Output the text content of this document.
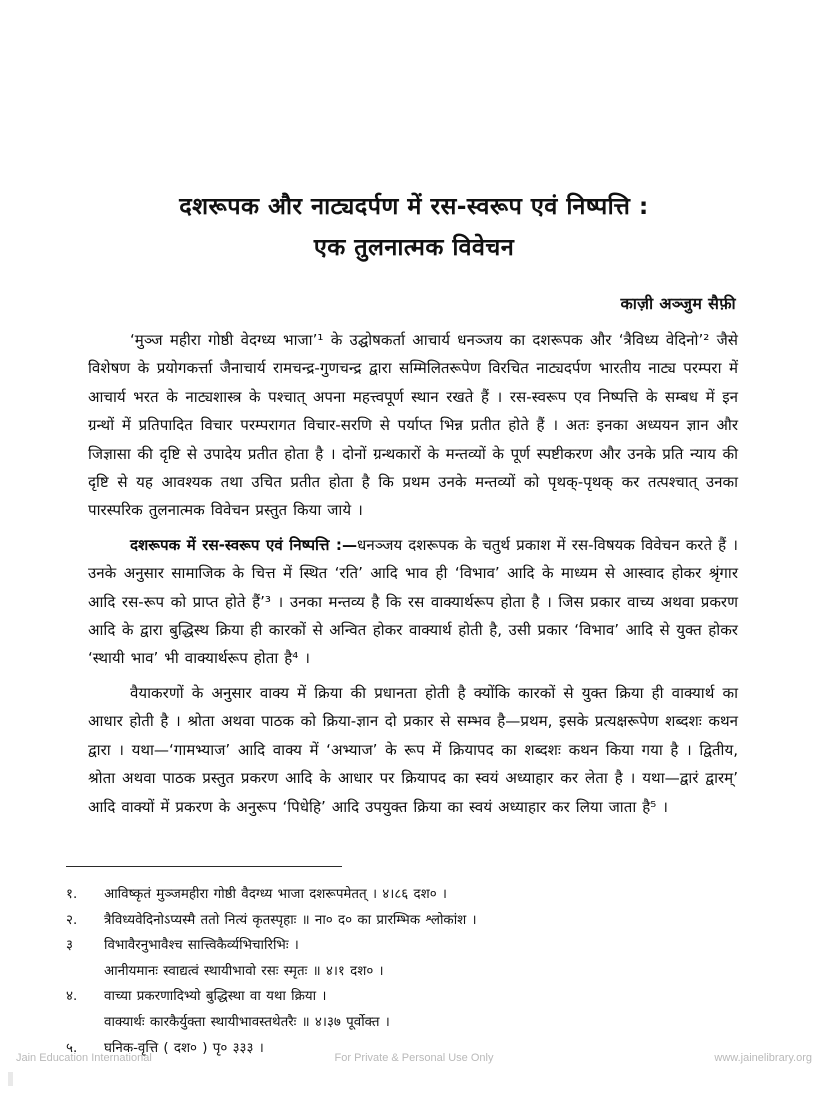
दशरूपक और नाट्यदर्पण में रस-स्वरूप एवं निष्पत्ति :
एक तुलनात्मक विवेचन
काज़ी अञ्जुम सैफ़ी

‘मुञ्ज महीरा गोष्ठी वेदग्ध्य भाजा’¹ के उद्घोषकर्ता आचार्य धनञ्जय का दशरूपक और ‘त्रैविध्य वेदिनो’² जैसे विशेषण के प्रयोगकर्त्ता जैनाचार्य रामचन्द्र-गुणचन्द्र द्वारा सम्मिलितरूपेण विरचित नाट्यदर्पण भारतीय नाट्य परम्परा में आचार्य भरत के नाट्यशास्त्र के पश्चात् अपना महत्त्वपूर्ण स्थान रखते हैं । रस-स्वरूप एव निष्पत्ति के सम्बध में इन ग्रन्थों में प्रतिपादित विचार परम्परागत विचार-सरणि से पर्याप्त भिन्न प्रतीत होते हैं । अतः इनका अध्ययन ज्ञान और जिज्ञासा की दृष्टि से उपादेय प्रतीत होता है । दोनों ग्रन्थकारों के मन्तव्यों के पूर्ण स्पष्टीकरण और उनके प्रति न्याय की दृष्टि से यह आवश्यक तथा उचित प्रतीत होता है कि प्रथम उनके मन्तव्यों को पृथक्-पृथक् कर तत्पश्चात् उनका पारस्परिक तुलनात्मक विवेचन प्रस्तुत किया जाये ।

दशरूपक में रस-स्वरूप एवं निष्पत्ति :—धनञ्जय दशरूपक के चतुर्थ प्रकाश में रस-विषयक विवेचन करते हैं । उनके अनुसार सामाजिक के चित्त में स्थित ‘रति’ आदि भाव ही ‘विभाव’ आदि के माध्यम से आस्वाद होकर श्रृंगार आदि रस-रूप को प्राप्त होते हैं’³ । उनका मन्तव्य है कि रस वाक्यार्थरूप होता है । जिस प्रकार वाच्य अथवा प्रकरण आदि के द्वारा बुद्धिस्थ क्रिया ही कारकों से अन्वित होकर वाक्यार्थ होती है, उसी प्रकार ‘विभाव’ आदि से युक्त होकर ‘स्थायी भाव’ भी वाक्यार्थरूप होता है⁴ ।

वैयाकरणों के अनुसार वाक्य में क्रिया की प्रधानता होती है क्योंकि कारकों से युक्त क्रिया ही वाक्यार्थ का आधार होती है । श्रोता अथवा पाठक को क्रिया-ज्ञान दो प्रकार से सम्भव है—प्रथम, इसके प्रत्यक्षरूपेण शब्दशः कथन द्वारा । यथा—‘गामभ्याज’ आदि वाक्य में ‘अभ्याज’ के रूप में क्रियापद का शब्दशः कथन किया गया है । द्वितीय, श्रोता अथवा पाठक प्रस्तुत प्रकरण आदि के आधार पर क्रियापद का स्वयं अध्याहार कर लेता है । यथा—द्वारं द्वारम्’ आदि वाक्यों में प्रकरण के अनुरूप ‘पिधेहि’ आदि उपयुक्त क्रिया का स्वयं अध्याहार कर लिया जाता है⁵ ।

१.	आविष्कृतं मुञ्जमहीरा गोष्ठी वैदग्ध्य भाजा दशरूपमेतत् । ४।८६ दश० ।
२.	त्रैविध्यवेदिनोऽप्यस्मै ततो नित्यं कृतस्पृहाः ॥ ना० द० का प्रारम्भिक श्लोकांश ।
३	विभावैरनुभावैश्च सात्त्विकैर्व्यभिचारिभिः ।
आनीयमानः स्वाद्यत्वं स्थायीभावो रसः स्मृतः ॥ ४।१ दश० ।
४.	वाच्या प्रकरणादिभ्यो बुद्धिस्था वा यथा क्रिया ।
वाक्यार्थः कारकैर्युक्ता स्थायीभावस्तथेतरैः ॥ ४।३७ पूर्वोक्त ।
५.	घनिक-वृत्ति ( दश० ) पृ० ३३३ ।
Jain Education International	For Private & Personal Use Only	www.jainelibrary.org
